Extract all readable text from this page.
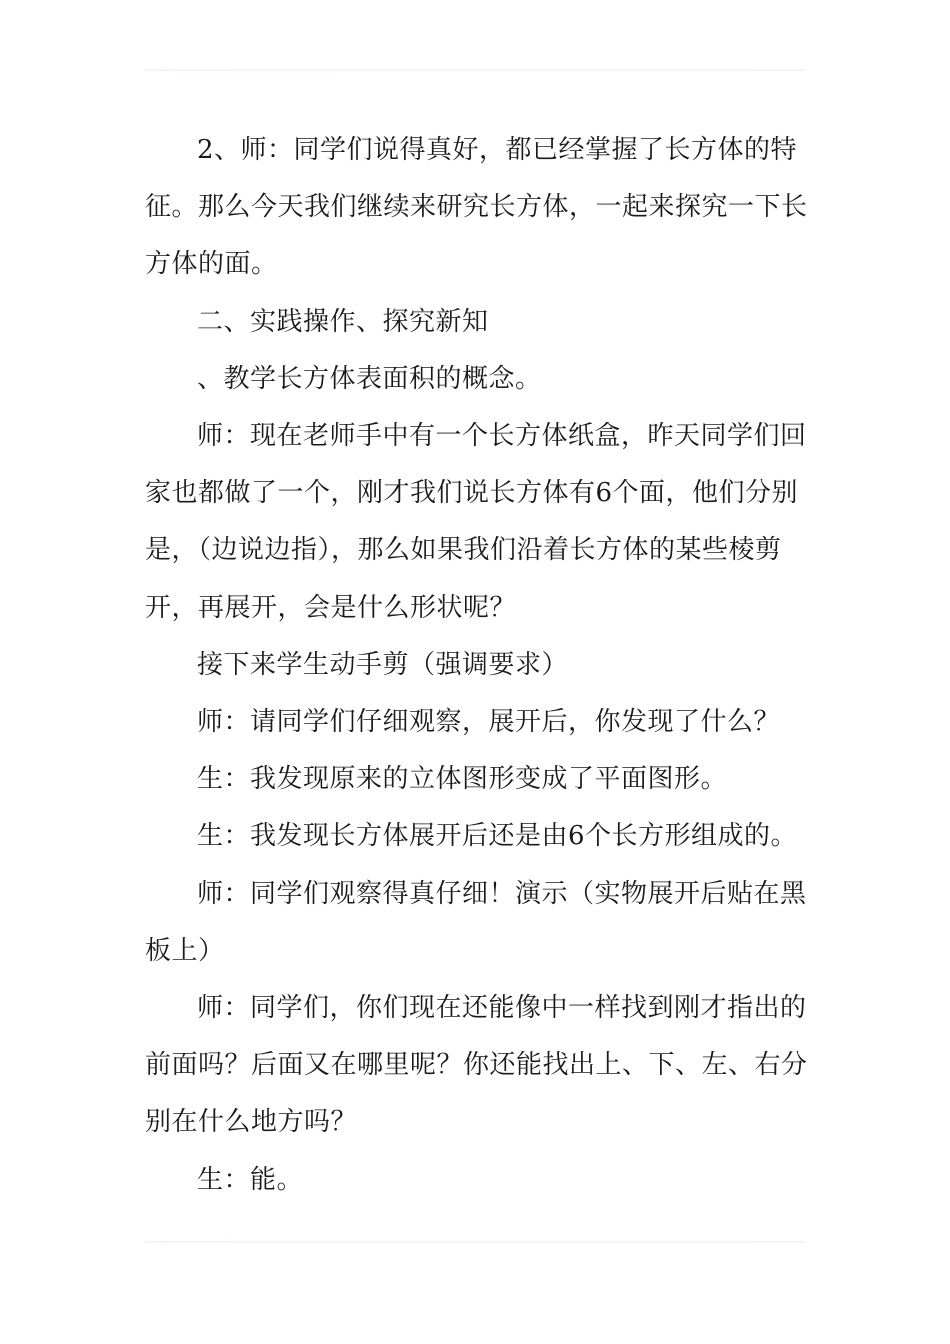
2、师：同学们说得真好，都已经掌握了长方体的特征。那么今天我们继续来研究长方体，一起来探究一下长方体的面。

二、实践操作、探究新知

、教学长方体表面积的概念。

师：现在老师手中有一个长方体纸盒，昨天同学们回家也都做了一个，刚才我们说长方体有6个面，他们分别是，（边说边指），那么如果我们沿着长方体的某些棱剪开，再展开，会是什么形状呢？

接下来学生动手剪（强调要求）

师：请同学们仔细观察，展开后，你发现了什么？

生：我发现原来的立体图形变成了平面图形。

生：我发现长方体展开后还是由6个长方形组成的。

师：同学们观察得真仔细！演示（实物展开后贴在黑板上）

师：同学们，你们现在还能像中一样找到刚才指出的前面吗？后面又在哪里呢？你还能找出上、下、左、右分别在什么地方吗？

生：能。
